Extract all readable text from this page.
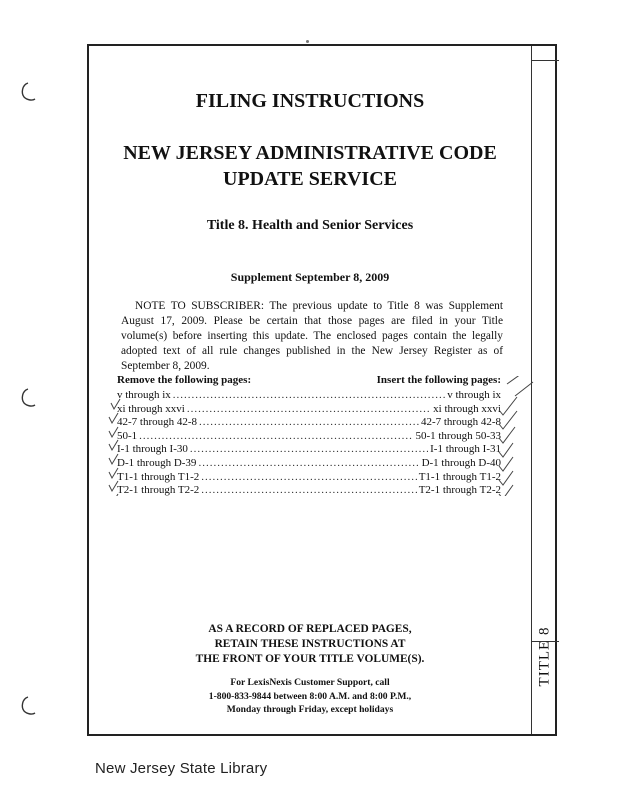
TITLE 8
FILING INSTRUCTIONS
NEW JERSEY ADMINISTRATIVE CODE
UPDATE SERVICE
Title 8. Health and Senior Services
Supplement September 8, 2009
NOTE TO SUBSCRIBER: The previous update to Title 8 was Supplement August 17, 2009. Please be certain that those pages are filed in your Title volume(s) before inserting this update. The enclosed pages contain the legally adopted text of all rule changes published in the New Jersey Register as of September 8, 2009.
Remove the following pages:	Insert the following pages:
v through ix .....	v through ix
xi through xxvi .....	xi through xxvi
42-7 through 42-8 .....	42-7 through 42-8
50-1 .....	50-1 through 50-33
I-1 through I-30 .....	I-1 through I-31
D-1 through D-39 .....	D-1 through D-40
T1-1 through T1-2 .....	T1-1 through T1-2
T2-1 through T2-2 .....	T2-1 through T2-2
AS A RECORD OF REPLACED PAGES,
RETAIN THESE INSTRUCTIONS AT
THE FRONT OF YOUR TITLE VOLUME(S).
For LexisNexis Customer Support, call
1-800-833-9844 between 8:00 A.M. and 8:00 P.M.,
Monday through Friday, except holidays
New Jersey State Library
